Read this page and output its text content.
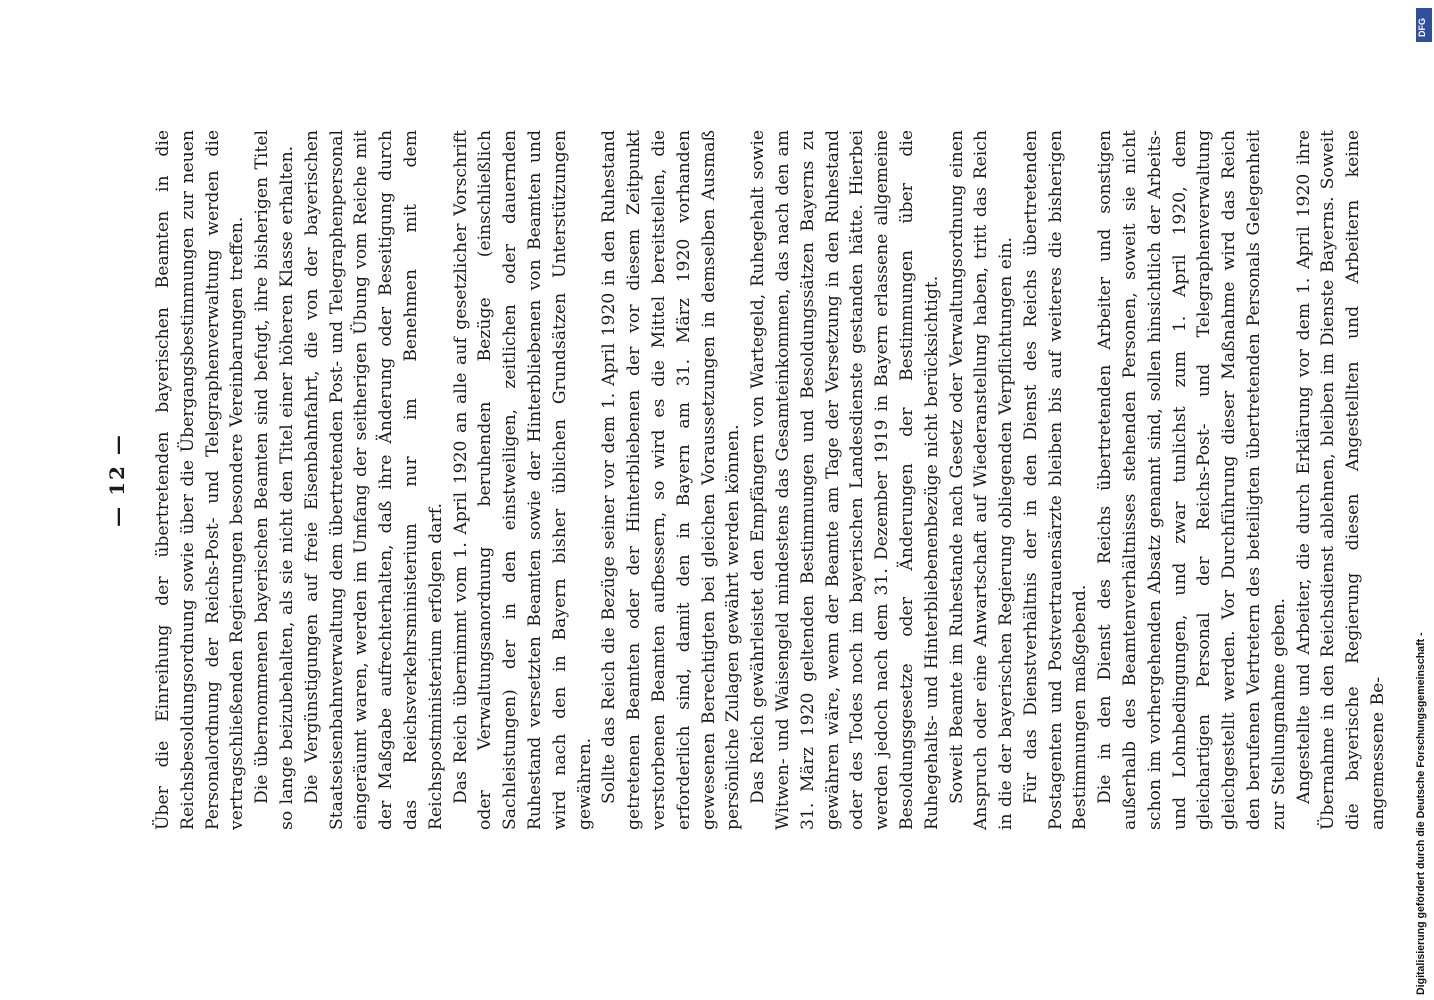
— 12 —	Über die Einreihung der übertretenden bayerischen Beamten in die Reichsbesoldungsordnung sowie über die Übergangsbestimmungen zur neuen Personalordnung der Reichs-Post- und Telegraphenverwaltung werden die vertragschließenden Regierungen besondere Vereinbarungen treffen. Die übernommenen bayerischen Beamten sind befugt, ihre bisherigen Titel so lange beizubehalten, als sie nicht den Titel einer höheren Klasse erhalten. Die Vergünstigungen auf freie Eisenbahnfahrt, die von der bayerischen Staatseisenbahnverwaltung dem übertretenden Post- und Telegraphenpersonal eingeräumt waren, werden im Umfang der seitherigen Übung vom Reiche mit der Maßgabe aufrechterhalten, daß ihre Änderung oder Beseitigung durch das Reichsverkehrsministerium nur im Benehmen mit dem Reichspostministerium erfolgen darf. Das Reich übernimmt vom 1. April 1920 an alle auf gesetzlicher Vorschrift oder Verwaltungsanordnung beruhenden Bezüge (einschließlich Sachleistungen) der in den einstweiligen, zeitlichen oder dauernden Ruhestand versetzten Beamten sowie der Hinterbliebenen von Beamten und wird nach den in Bayern bisher üblichen Grundsätzen Unterstützungen gewähren. Sollte das Reich die Bezüge seiner vor dem 1. April 1920 in den Ruhestand getretenen Beamten oder der Hinterbliebenen der vor diesem Zeitpunkt verstorbenen Beamten aufbessern, so wird es die Mittel bereitstellen, die erforderlich sind, damit den in Bayern am 31. März 1920 vorhanden gewesenen Berechtigten bei gleichen Voraussetzungen in demselben Ausmaß persönliche Zulagen gewährt werden können. Das Reich gewährleistet den Empfängern von Wartegeld, Ruhegehalt sowie Witwen- und Waisengeld mindestens das Gesamteinkommen, das nach den am 31. März 1920 geltenden Bestimmungen und Besoldungssätzen Bayerns zu gewähren wäre, wenn der Beamte am Tage der Versetzung in den Ruhestand oder des Todes noch im bayerischen Landesdienste gestanden hätte. Hierbei werden jedoch nach dem 31. Dezember 1919 in Bayern erlassene allgemeine Besoldungsgesetze oder Änderungen der Bestimmungen über die Ruhegehalts- und Hinterbliebenenbezüge nicht berücksichtigt. Soweit Beamte im Ruhestande nach Gesetz oder Verwaltungsordnung einen Anspruch oder eine Anwartschaft auf Wiederanstellung haben, tritt das Reich in die der bayerischen Regierung obliegenden Verpflichtungen ein. Für das Dienstverhältnis der in den Dienst des Reichs übertretenden Postagenten und Postvertrauensärzte bleiben bis auf weiteres die bisherigen Bestimmungen maßgebend. Die in den Dienst des Reichs übertretenden Arbeiter und sonstigen außerhalb des Beamtenverhältnisses stehenden Personen, soweit sie nicht schon im vorhergehenden Absatz genannt sind, sollen hinsichtlich der Arbeits- und Lohnbedingungen, und zwar tunlichst zum 1. April 1920, dem gleichartigen Personal der Reichs-Post- und Telegraphenverwaltung gleichgestellt werden. Vor Durchführung dieser Maßnahme wird das Reich den berufenen Vertretern des beteiligten übertretenden Personals Gelegenheit zur Stellungnahme geben. Angestellte und Arbeiter, die durch Erklärung vor dem 1. April 1920 ihre Übernahme in den Reichsdienst ablehnen, bleiben im Dienste Bayerns. Soweit die bayerische Regierung diesen Angestellten und Arbeitern keine angemessene Be-	Digitalisierung gefördert durch die Deutsche Forschungsgemeinschaft -
DFG
